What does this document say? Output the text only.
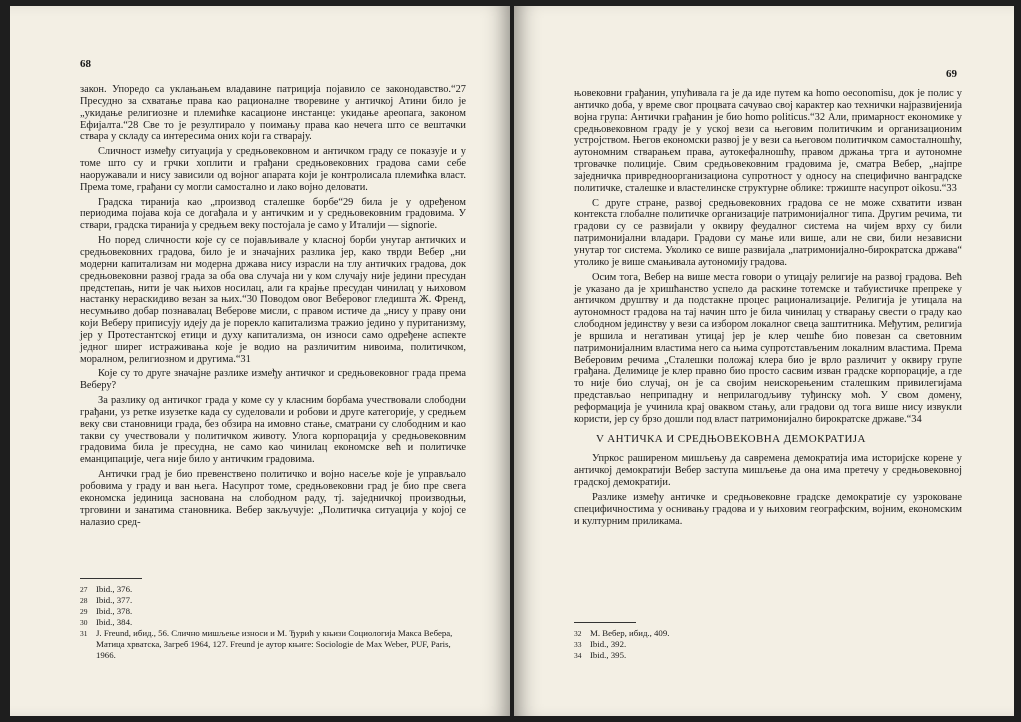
68

закон. Упоредо са уклањањем владавине патриција појавило се законодавство.“27 Пресудно за схватање права као рационалне творевине у античкој Атини било је „укидање религиозне и племићке касационе инстанце: укидање ареопага, законом Ефијалта.“28 Све то је резултирало у поимању права као нечега што се вештачки ствара у складу са интересима оних који га стварају.

Сличност између ситуација у средњовековном и античком граду се показује и у томе што су и грчки хоплити и грађани средњовековних градова сами себе наоружавали и нису зависили од војног апарата који је контролисала племићка власт. Према томе, грађани су могли самостално и лако војно деловати.

Градска тиранија као „производ сталешке борбе“29 била је у одређеном периодима појава која се догађала и у античким и у средњовековним градовима. У ствари, градска тиранија у средњем веку постојала је само у Италији — signorie.

Но поред сличности које су се појављивале у класној борби унутар античких и средњовековних градова, било је и значајних разлика јер, како тврди Вебер „ни модерни капитализам ни модерна држава нису израсли на тлу античких градова, док средњовековни развој града за оба ова случаја ни у ком случају није једини пресудан предстепањ, нити је чак њихов носилац, али га крајње пресудан чинилац у њиховом настанку нераскидиво везан за њих.“30 Поводом овог Веберовог гледишта Ж. Френд, несумњиво добар познавалац Веберове мисли, с правом истиче да „нису у праву они који Веберу приписују идеју да је порекло капитализма тражио једино у пуританизму, јер у Протестантској етици и духу капитализма, он износи само одређене аспекте једног ширег истраживања које је водио на различитим нивоима, политичком, моралном, религиозном и другима.“31

Које су то друге значајне разлике између античког и средњовековног града према Веберу?

За разлику од античког града у коме су у класним борбама учествовали слободни грађани, уз ретке изузетке када су суделовали и робови и друге категорије, у средњем веку сви становници града, без обзира на имовно стање, сматрани су слободним и као такви су учествовали у политичком животу. Улога корпорација у средњовековним градовима била је пресудна, не само као чинилац економске већ и политичке еманципације, чега није било у античким градовима.

Антички град је био превенствено политичко и војно насеље које је управљало робовима у граду и ван њега. Насупрот томе, средњовековни град је био пре свега економска јединица заснована на слободном раду, тј. заједничкој производњи, трговини и занатима становника. Вебер закључује: „Политичка ситуација у којој се налазио сред-

27 Ibid., 376.
28 Ibid., 377.
29 Ibid., 378.
30 Ibid., 384.
31 J. Freund, ибид., 56. Слично мишљење износи и М. Ђурић у књизи Социологија Макса Вебера, Матица хрватска, Загреб 1964, 127. Freund је аутор књиге: Sociologie de Max Weber, PUF, Paris, 1966.
69

њовековни грађанин, упућивала га је да иде путем ка homo oeconomisu, док је полис у античко доба, у време свог процвата сачувао свој карактер као технички најразвијенија војна група: Антички грађанин је био homo politicus.“32 Али, примарност економике у средњовековном граду је у уској вези са његовим политичким и организационим устројством. Његов економски развој је у вези са његовом политичком самосталношћу, аутономним стварањем права, аутокефалношћу, правом држања трга и аутономне трговачке полиције. Свим средњовековним градовима је, сматра Вебер, „најпре заједничка привредноорганизациона супротност у односу на специфично ванградске политичке, сталешке и властелинске структурне облике: тржиште насупрот oikosu.“33

С друге стране, развој средњовековних градова се не може схватити изван контекста глобалне политичке организације патримонијалног типа. Другим речима, ти градови су се развијали у оквиру феудалног система на чијем врху су били патримонијални владари. Градови су мање или више, али не сви, били независни унутар тог система. Уколико се више развијала „патримонијално-бирократска држава“ утолико је више смањивала аутономију градова.

Осим тога, Вебер на више места говори о утицају религије на развој градова. Већ је указано да је хришћанство успело да раскине тотемске и табуистичке препреке у античком друштву и да подстакне процес рационализације. Религија је утицала на аутономност градова на тај начин што је била чинилац у стварању свести о граду као слободном јединству у вези са избором локалног свеца заштитника. Међутим, религија је вршила и негативан утицај јер је клер чешће био повезан са световним патримонијалним властима него са њима супротстављеним локалним властима. Према Веберовим речима „Сталешки положај клера био је врло различит у оквиру групе грађана. Делимице је клер правно био просто сасвим изван градске корпорације, а где то није био случај, он је са својим неискорењеним сталешким привилегијама представљао неприпадну и неприлагодљиву туђинску моћ. У свом домену, реформација је учинила крај оваквом стању, али градови од тога више нису извукли користи, јер су брзо дошли под власт патримонијално бирократске државе.“34

V АНТИЧКА И СРЕДЊОВЕКОВНА ДЕМОКРАТИЈА

Упркос раширеном мишљењу да савремена демократија има историјске корене у античкој демократији Вебер заступа мишљење да она има претечу у средњовековној градској демократији.

Разлике између античке и средњовековне градске демократије су узроковане специфичностима у оснивању градова и у њиховим географским, војним, економским и културним приликама.

32 М. Вебер, ибид., 409.
33 Ibid., 392.
34 Ibid., 395.
